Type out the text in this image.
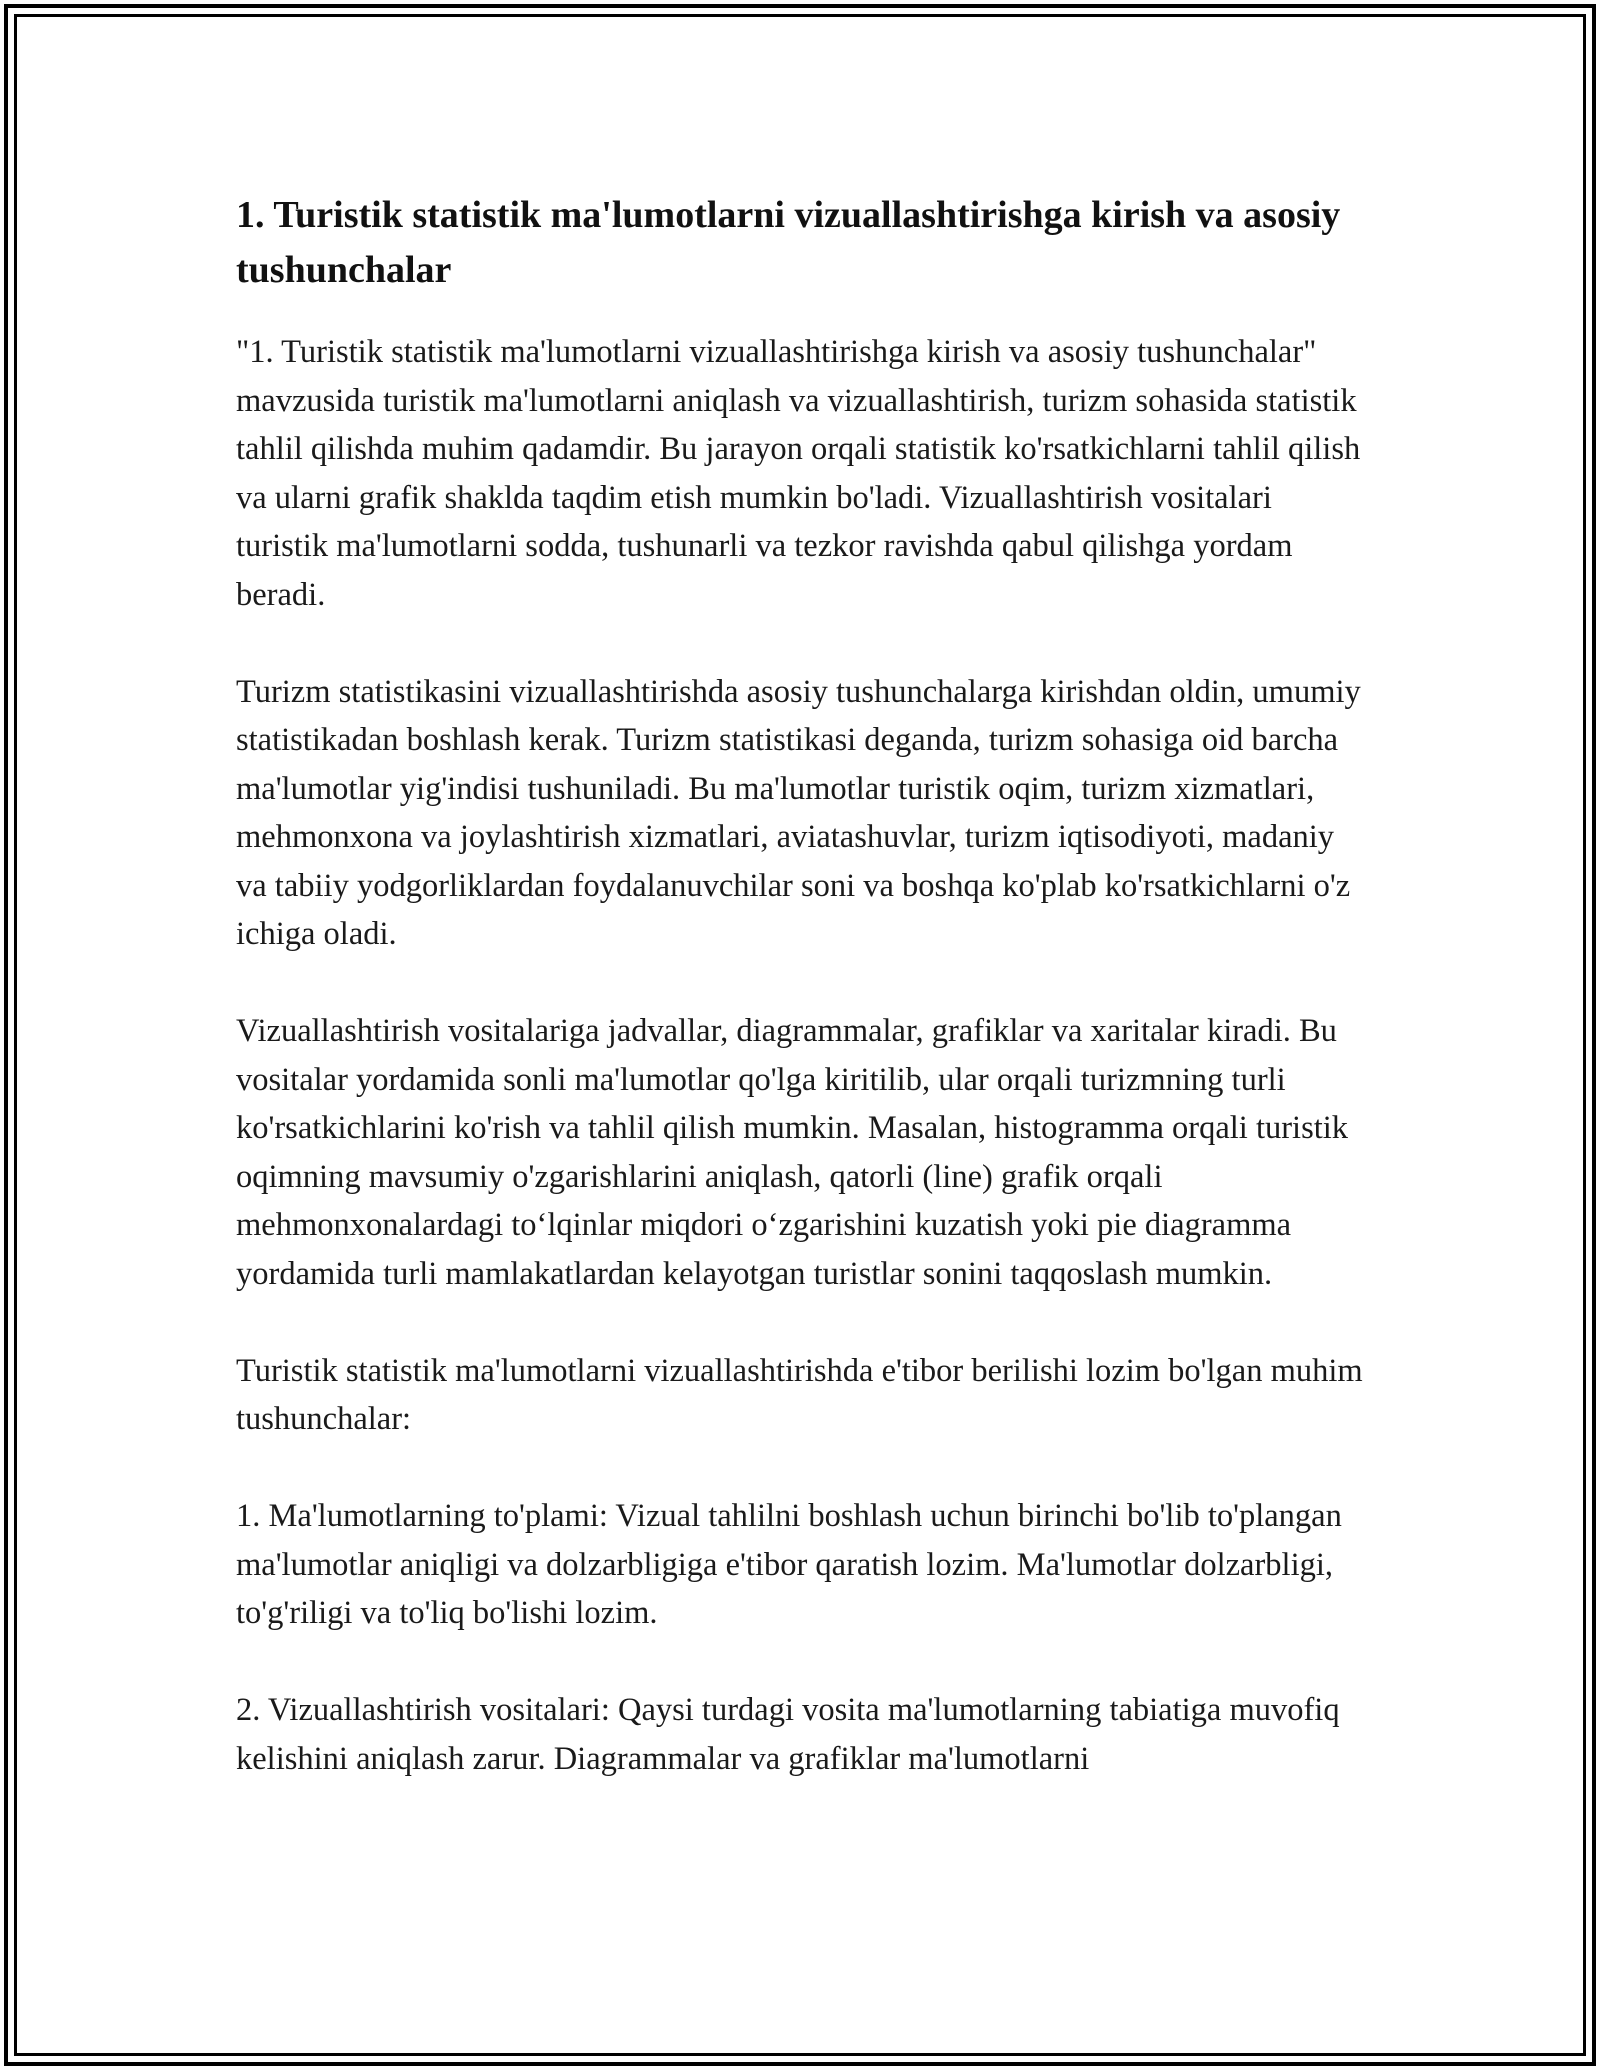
1. Turistik statistik ma'lumotlarni vizuallashtirishga kirish va asosiy tushunchalar

"1. Turistik statistik ma'lumotlarni vizuallashtirishga kirish va asosiy tushunchalar" mavzusida turistik ma'lumotlarni aniqlash va vizuallashtirish, turizm sohasida statistik tahlil qilishda muhim qadamdir. Bu jarayon orqali statistik ko'rsatkichlarni tahlil qilish va ularni grafik shaklda taqdim etish mumkin bo'ladi. Vizuallashtirish vositalari turistik ma'lumotlarni sodda, tushunarli va tezkor ravishda qabul qilishga yordam beradi.

Turizm statistikasini vizuallashtirishda asosiy tushunchalarga kirishdan oldin, umumiy statistikadan boshlash kerak. Turizm statistikasi deganda, turizm sohasiga oid barcha ma'lumotlar yig'indisi tushuniladi. Bu ma'lumotlar turistik oqim, turizm xizmatlari, mehmonxona va joylashtirish xizmatlari, aviatashuvlar, turizm iqtisodiyoti, madaniy va tabiiy yodgorliklardan foydalanuvchilar soni va boshqa ko'plab ko'rsatkichlarni o'z ichiga oladi.

Vizuallashtirish vositalariga jadvallar, diagrammalar, grafiklar va xaritalar kiradi. Bu vositalar yordamida sonli ma'lumotlar qo'lga kiritilib, ular orqali turizmning turli ko'rsatkichlarini ko'rish va tahlil qilish mumkin. Masalan, histogramma orqali turistik oqimning mavsumiy o'zgarishlarini aniqlash, qatorli (line) grafik orqali mehmonxonalardagi to‘lqinlar miqdori o‘zgarishini kuzatish yoki pie diagramma yordamida turli mamlakatlardan kelayotgan turistlar sonini taqqoslash mumkin.

Turistik statistik ma'lumotlarni vizuallashtirishda e'tibor berilishi lozim bo'lgan muhim tushunchalar:

1. Ma'lumotlarning to'plami: Vizual tahlilni boshlash uchun birinchi bo'lib to'plangan ma'lumotlar aniqligi va dolzarbligiga e'tibor qaratish lozim. Ma'lumotlar dolzarbligi, to'g'riligi va to'liq bo'lishi lozim.

2. Vizuallashtirish vositalari: Qaysi turdagi vosita ma'lumotlarning tabiatiga muvofiq kelishini aniqlash zarur. Diagrammalar va grafiklar ma'lumotlarni
